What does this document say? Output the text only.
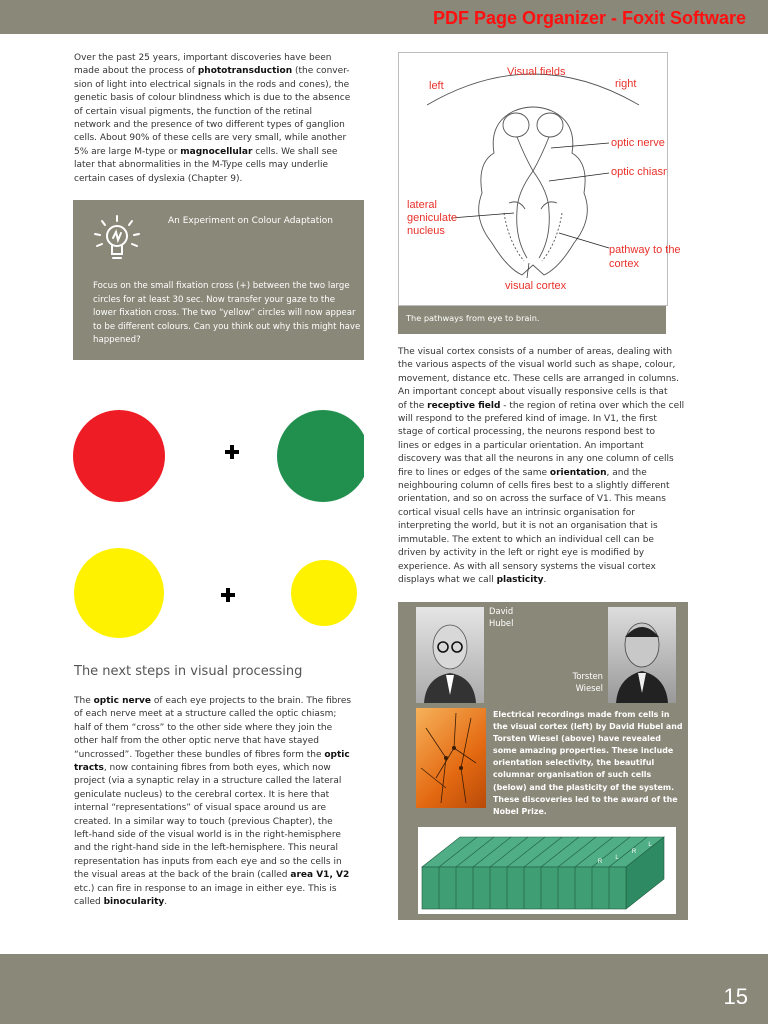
PDF Page Organizer - Foxit Software

Over the past 25 years, important discoveries have been
made about the process of phototransduction (the conver-
sion of light into electrical signals in the rods and cones), the
genetic basis of colour blindness which is due to the absence
of certain visual pigments, the function of the retinal
network and the presence of two different types of ganglion
cells. About 90% of these cells are very small, while another
5% are large M-type or magnocellular cells. We shall see
later that abnormalities in the M-Type cells may underlie
certain cases of dyslexia (Chapter 9).

An Experiment on Colour Adaptation

Focus on the small fixation cross (+) between the two large circles for at least 30 sec. Now transfer your gaze to the lower fixation cross. The two “yellow” circles will now appear to be different colours. Can you think out why this might have happened?

The next steps in visual processing

The optic nerve of each eye projects to the brain. The fibres
of each nerve meet at a structure called the optic chiasm;
half of them “cross” to the other side where they join the
other half from the other optic nerve that have stayed
“uncrossed”. Together these bundles of fibres form the optic
tracts, now containing fibres from both eyes, which now
project (via a synaptic relay in a structure called the lateral
geniculate nucleus) to the cerebral cortex. It is here that
internal “representations” of visual space around us are
created. In a similar way to touch (previous Chapter), the
left-hand side of the visual world is in the right-hemisphere
and the right-hand side in the left-hemisphere. This neural
representation has inputs from each eye and so the cells in
the visual areas at the back of the brain (called area V1, V2
etc.) can fire in response to an image in either eye. This is
called binocularity.

Visual fields
left	right
optic nerve
optic chiasm
visual cortex
lateral
geniculate
nucleus
pathway to the
cortex
The pathways from eye to brain.

The visual cortex consists of a number of areas, dealing with
the various aspects of the visual world such as shape, colour,
movement, distance etc. These cells are arranged in columns.
An important concept about visually responsive cells is that
of the receptive field - the region of retina over which the cell
will respond to the prefered kind of image. In V1, the first
stage of cortical processing, the neurons respond best to
lines or edges in a particular orientation. An important
discovery was that all the neurons in any one column of cells
fire to lines or edges of the same orientation, and the
neighbouring column of cells fires best to a slightly different
orientation, and so on across the surface of V1. This means
cortical visual cells have an intrinsic organisation for
interpreting the world, but it is not an organisation that is
immutable. The extent to which an individual cell can be
driven by activity in the left or right eye is modified by
experience. As with all sensory systems the visual cortex
displays what we call plasticity.

David
Hubel
Torsten
Wiesel

Electrical recordings made from cells in the visual cortex (left) by David Hubel and Torsten Wiesel (above) have revealed some amazing properties. These include orientation selectivity, the beautiful columnar organisation of such cells (below) and the plasticity of the system. These discoveries led to the award of the Nobel Prize.

R
L
R
L
15
